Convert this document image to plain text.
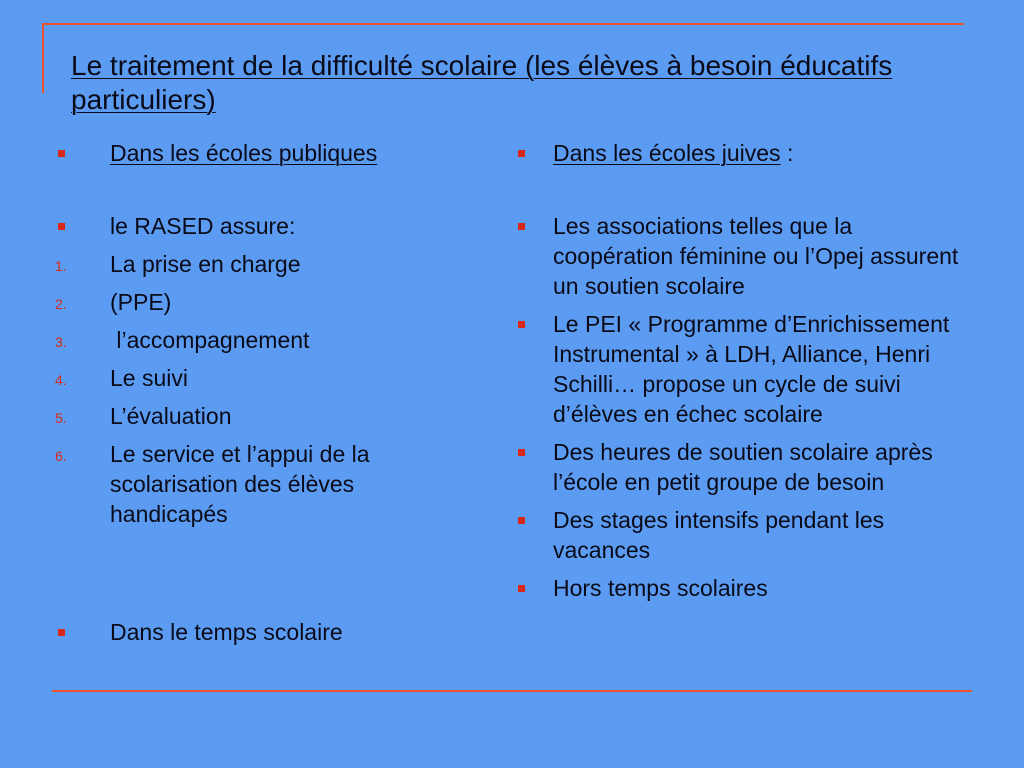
Le traitement de la difficulté scolaire (les élèves à besoin éducatifs particuliers)
Dans les écoles publiques
le RASED assure:
1.	La prise en charge
2.	(PPE)
3.	l’accompagnement
4.	Le suivi
5.	L’évaluation
6.	Le service et l’appui de la scolarisation des élèves handicapés
Dans le temps scolaire
Dans les écoles juives :
Les associations telles que la coopération féminine ou l’Opej assurent un soutien scolaire
Le PEI « Programme d’Enrichissement Instrumental » à LDH, Alliance, Henri Schilli… propose un cycle de suivi d’élèves en échec scolaire
Des heures de soutien scolaire après l’école en petit groupe de besoin
Des stages intensifs pendant les vacances
Hors temps scolaires
